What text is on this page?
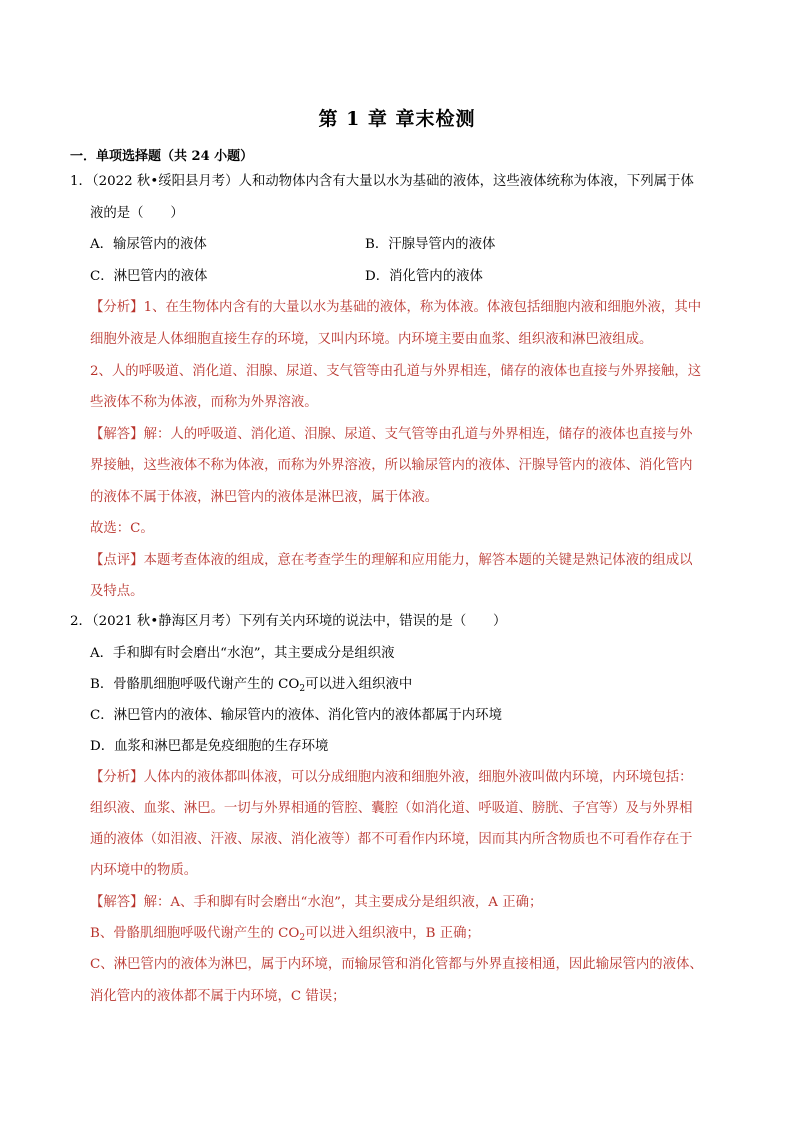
第 1 章 章末检测
一．单项选择题（共 24 小题）
1．（2022 秋•绥阳县月考）人和动物体内含有大量以水为基础的液体，这些液体统称为体液，下列属于体
液的是（　　）
A．输尿管内的液体	B．汗腺导管内的液体
C．淋巴管内的液体	D．消化管内的液体
【分析】1、在生物体内含有的大量以水为基础的液体，称为体液。体液包括细胞内液和细胞外液，其中
细胞外液是人体细胞直接生存的环境，又叫内环境。内环境主要由血浆、组织液和淋巴液组成。
2、人的呼吸道、消化道、泪腺、尿道、支气管等由孔道与外界相连，储存的液体也直接与外界接触，这
些液体不称为体液，而称为外界溶液。
【解答】解：人的呼吸道、消化道、泪腺、尿道、支气管等由孔道与外界相连，储存的液体也直接与外
界接触，这些液体不称为体液，而称为外界溶液，所以输尿管内的液体、汗腺导管内的液体、消化管内
的液体不属于体液，淋巴管内的液体是淋巴液，属于体液。
故选：C。
【点评】本题考查体液的组成，意在考查学生的理解和应用能力，解答本题的关键是熟记体液的组成以
及特点。
2．（2021 秋•静海区月考）下列有关内环境的说法中，错误的是（　　）
A．手和脚有时会磨出“水泡”，其主要成分是组织液
B．骨骼肌细胞呼吸代谢产生的 $CO_2$可以进入组织液中
C．淋巴管内的液体、输尿管内的液体、消化管内的液体都属于内环境
D．血浆和淋巴都是免疫细胞的生存环境
【分析】人体内的液体都叫体液，可以分成细胞内液和细胞外液，细胞外液叫做内环境，内环境包括：
组织液、血浆、淋巴。一切与外界相通的管腔、囊腔（如消化道、呼吸道、膀胱、子宫等）及与外界相
通的液体（如泪液、汗液、尿液、消化液等）都不可看作内环境，因而其内所含物质也不可看作存在于
内环境中的物质。
【解答】解：A、手和脚有时会磨出“水泡”，其主要成分是组织液，A 正确；
B、骨骼肌细胞呼吸代谢产生的 $CO_2$可以进入组织液中，B 正确；
C、淋巴管内的液体为淋巴，属于内环境，而输尿管和消化管都与外界直接相通，因此输尿管内的液体、
消化管内的液体都不属于内环境，C 错误；
